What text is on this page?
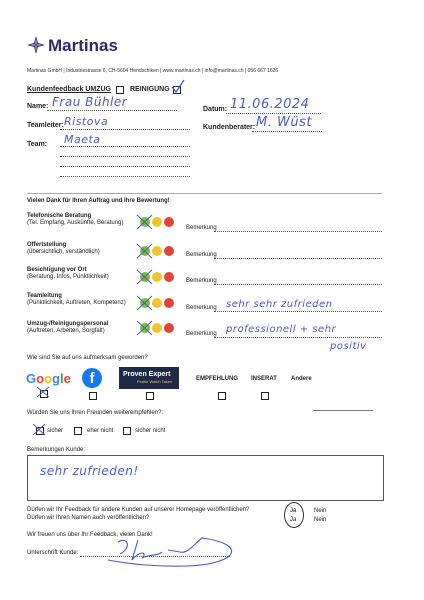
Martinas
Martinas GmbH | Industriestrasse 6, CH-5604 Hendschiken | www.martinas.ch | info@martinas.ch | 056 667 1626
Kundenfeedback UMZUG	REINIGUNG
Name: Frau Bühler
Datum: 11.06.2024
Teamleiter: Ristova	Kundenberater: M. Wüst
Team: Maeta
Vielen Dank für Ihren Auftrag und Ihre Bewertung!
Telefonische Beratung
(Tel. Empfang, Auskünfte, Beratung)
Bemerkung
Offertstellung
(übersichtlich, verständlich)	Bemerkung
Besichtigung vor Ort
(Beratung, Infos, Pünktlichkeit)
Bemerkung
Teamleitung
(Pünktlichkeit, Auftreten, Kompetenz)
Bemerkung sehr sehr zufrieden
Umzug-/Reinigungspersonal
(Auftreten, Arbeiten, Sorgfalt)	Bemerkung professionell + sehr
positiv
Wie sind Sie auf uns aufmerksam geworden?
Google	f	Proven Expert
Profile Watch Taken	EMPFEHLUNG INSERAT Andere
Würden Sie uns Ihren Freunden weiterempfehlen?:
sicher	eher nicht	sicher nicht
Bemerkungen Kunde:
sehr zufrieden!
Dürfen wir Ihr Feedback für andere Kunden auf unserer Homepage veröffentlichen?
Dürfen wir Ihren Namen auch veröffentlichen?
Ja	Nein
Ja	Nein
Wir freuen uns über Ihr Feedback, vielen Dank!
Unterschrift Kunde:
